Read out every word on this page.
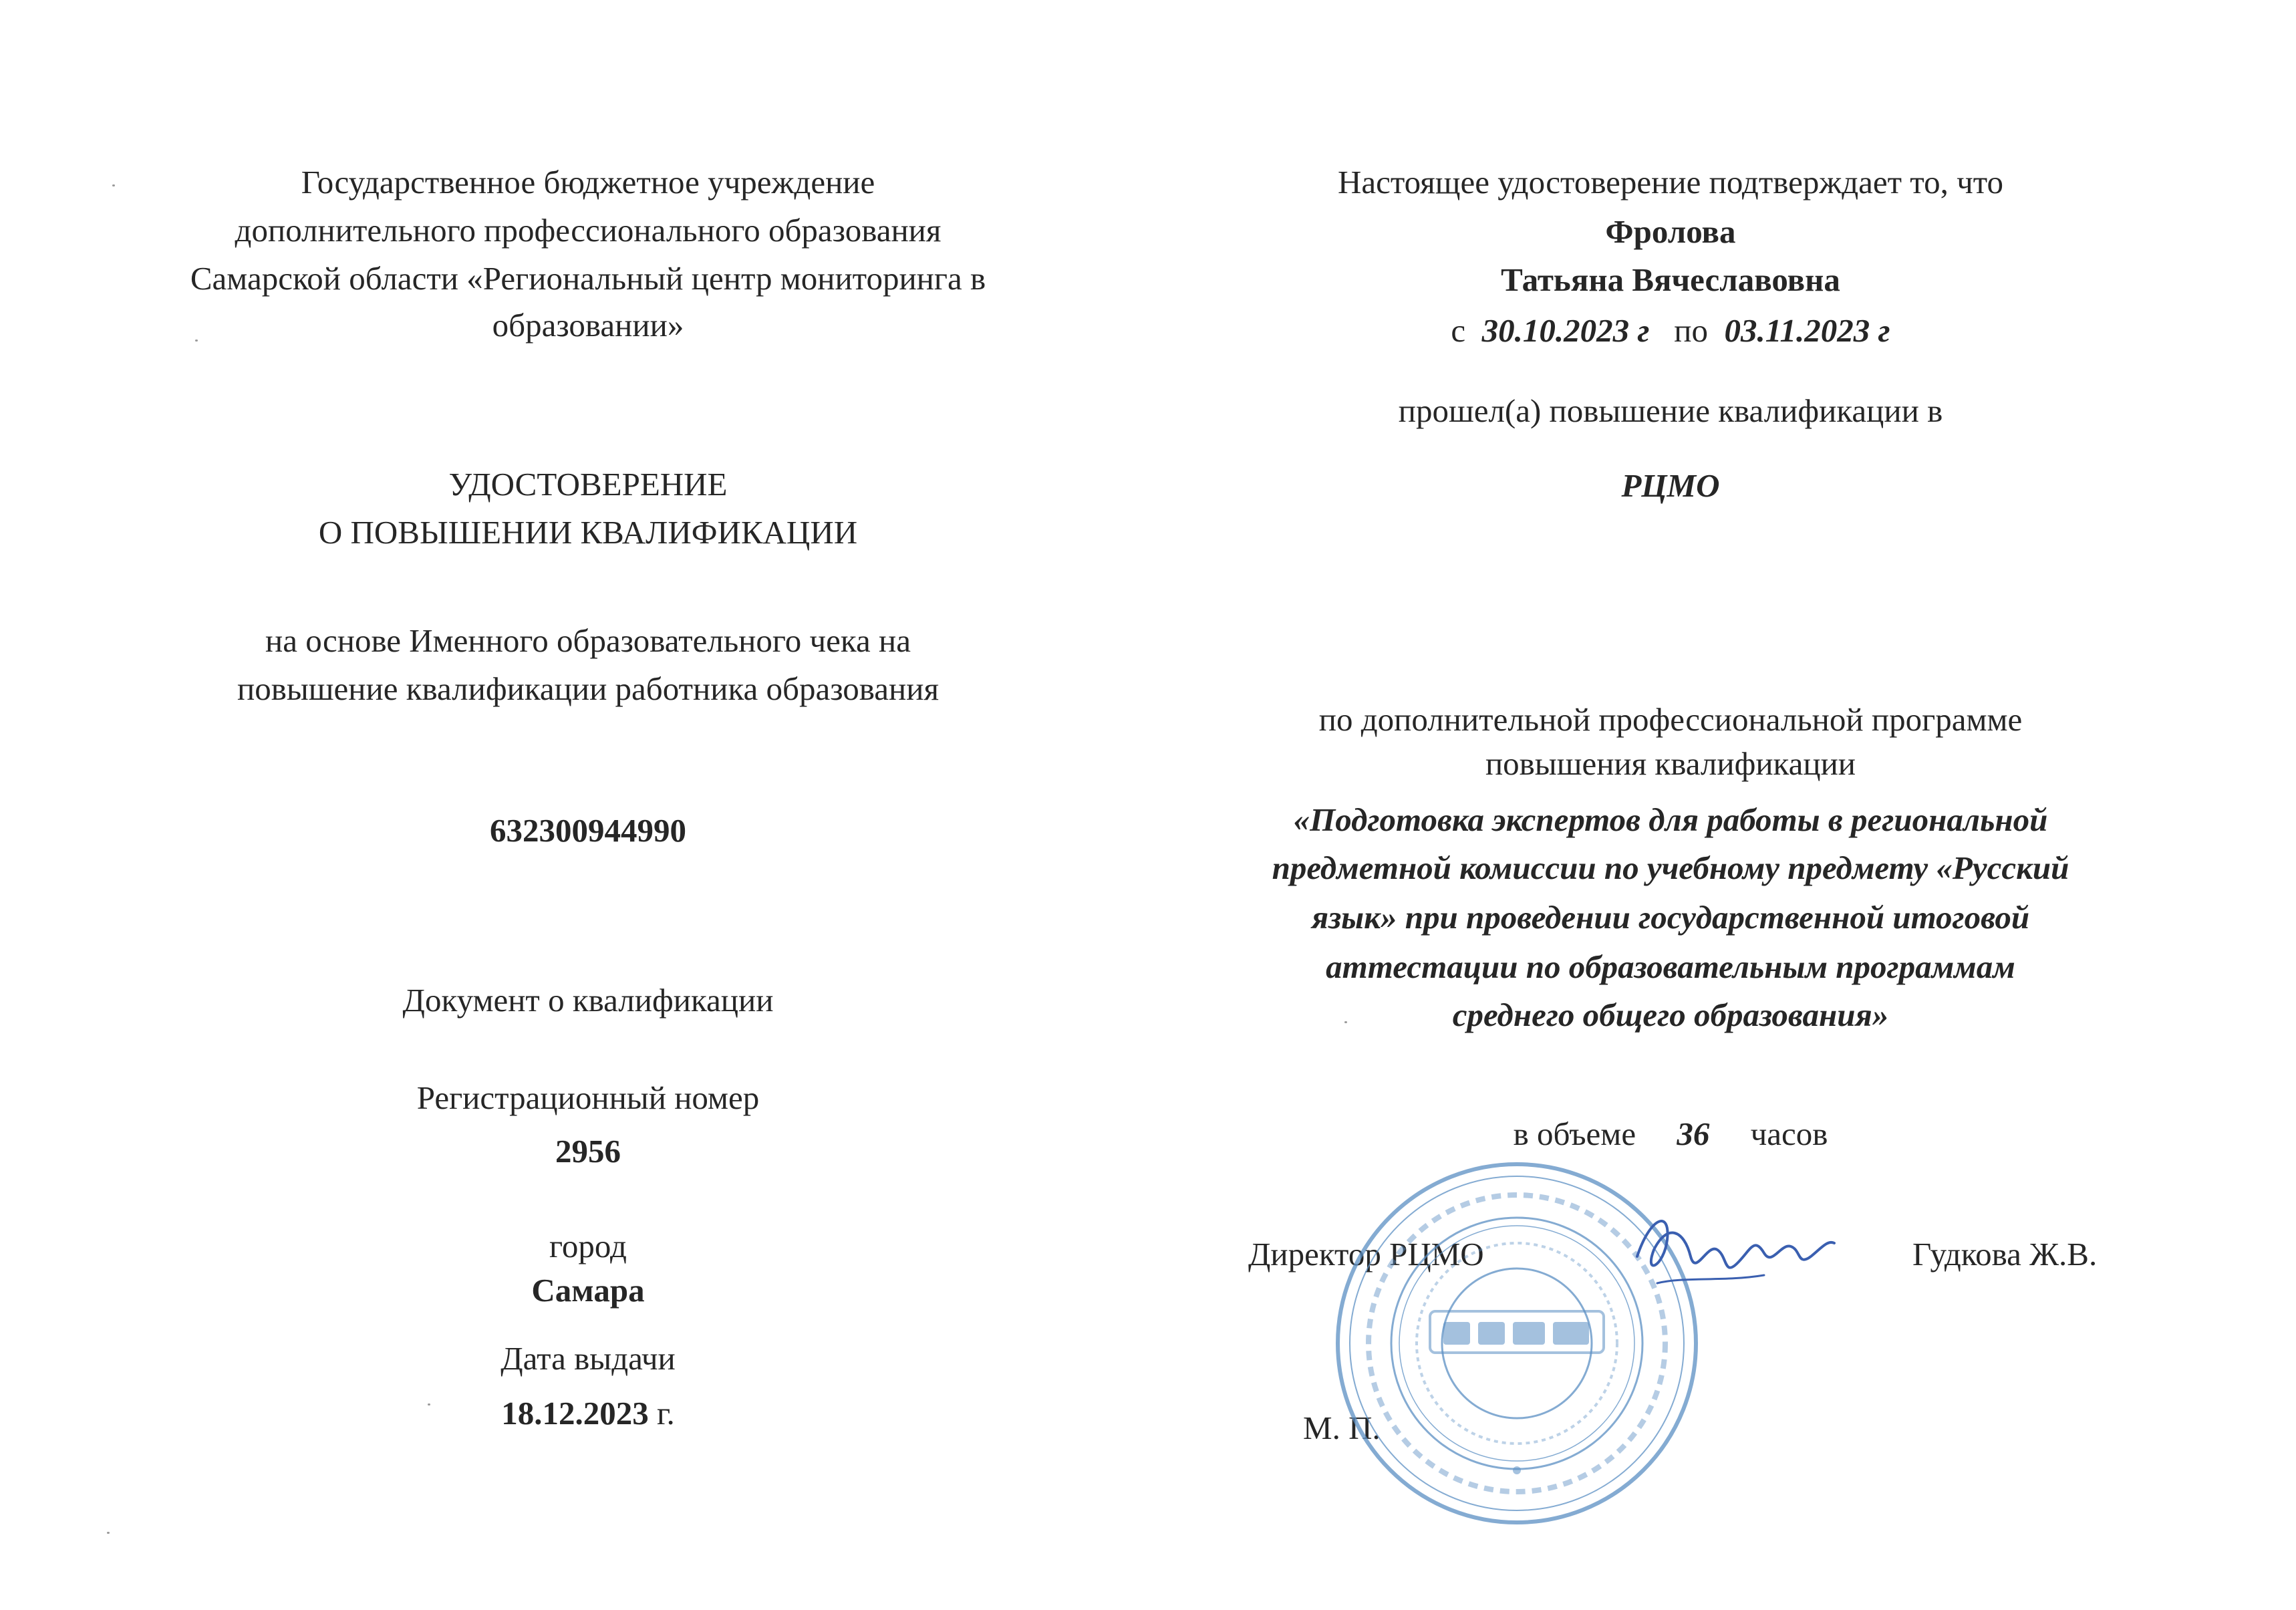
Государственное бюджетное учреждение
дополнительного профессионального образования
Самарской области «Региональный центр мониторинга в
образовании»
УДОСТОВЕРЕНИЕ
О ПОВЫШЕНИИ КВАЛИФИКАЦИИ
на основе Именного образовательного чека на
повышение квалификации работника образования
632300944990
Документ о квалификации
Регистрационный номер
2956
город
Самара
Дата выдачи
18.12.2023 г.
Настоящее удостоверение подтверждает то, что
Фролова
Татьяна Вячеславовна
с 30.10.2023 г по 03.11.2023 г
прошел(а) повышение квалификации в
РЦМО
по дополнительной профессиональной программе
повышения квалификации
«Подготовка экспертов для работы в региональной
предметной комиссии по учебному предмету «Русский
язык» при проведении государственной итоговой
аттестации по образовательным программам
среднего общего образования»
в объеме 36 часов
Директор РЦМО	Гудкова Ж.В.
М. П.
